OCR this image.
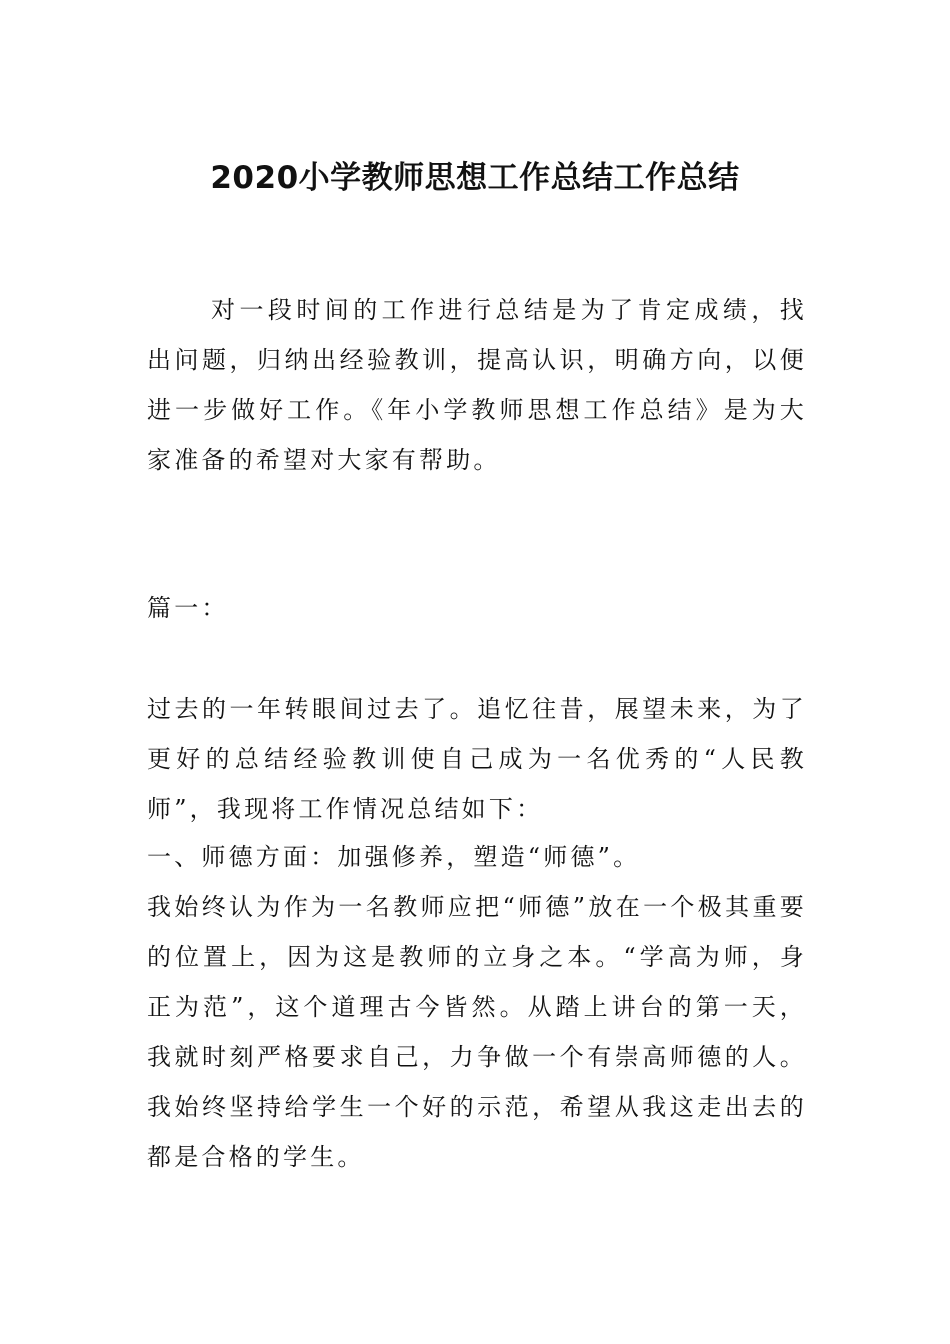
2020小学教师思想工作总结工作总结

对一段时间的工作进行总结是为了肯定成绩，找出问题，归纳出经验教训，提高认识，明确方向，以便进一步做好工作。《年小学教师思想工作总结》是为大家准备的希望对大家有帮助。

篇一：

过去的一年转眼间过去了。追忆往昔，展望未来，为了更好的总结经验教训使自己成为一名优秀的“人民教师”，我现将工作情况总结如下：

一、师德方面：加强修养，塑造“师德”。

我始终认为作为一名教师应把“师德”放在一个极其重要的位置上，因为这是教师的立身之本。“学高为师，身正为范”，这个道理古今皆然。从踏上讲台的第一天，我就时刻严格要求自己，力争做一个有崇高师德的人。我始终坚持给学生一个好的示范，希望从我这走出去的都是合格的学生。
